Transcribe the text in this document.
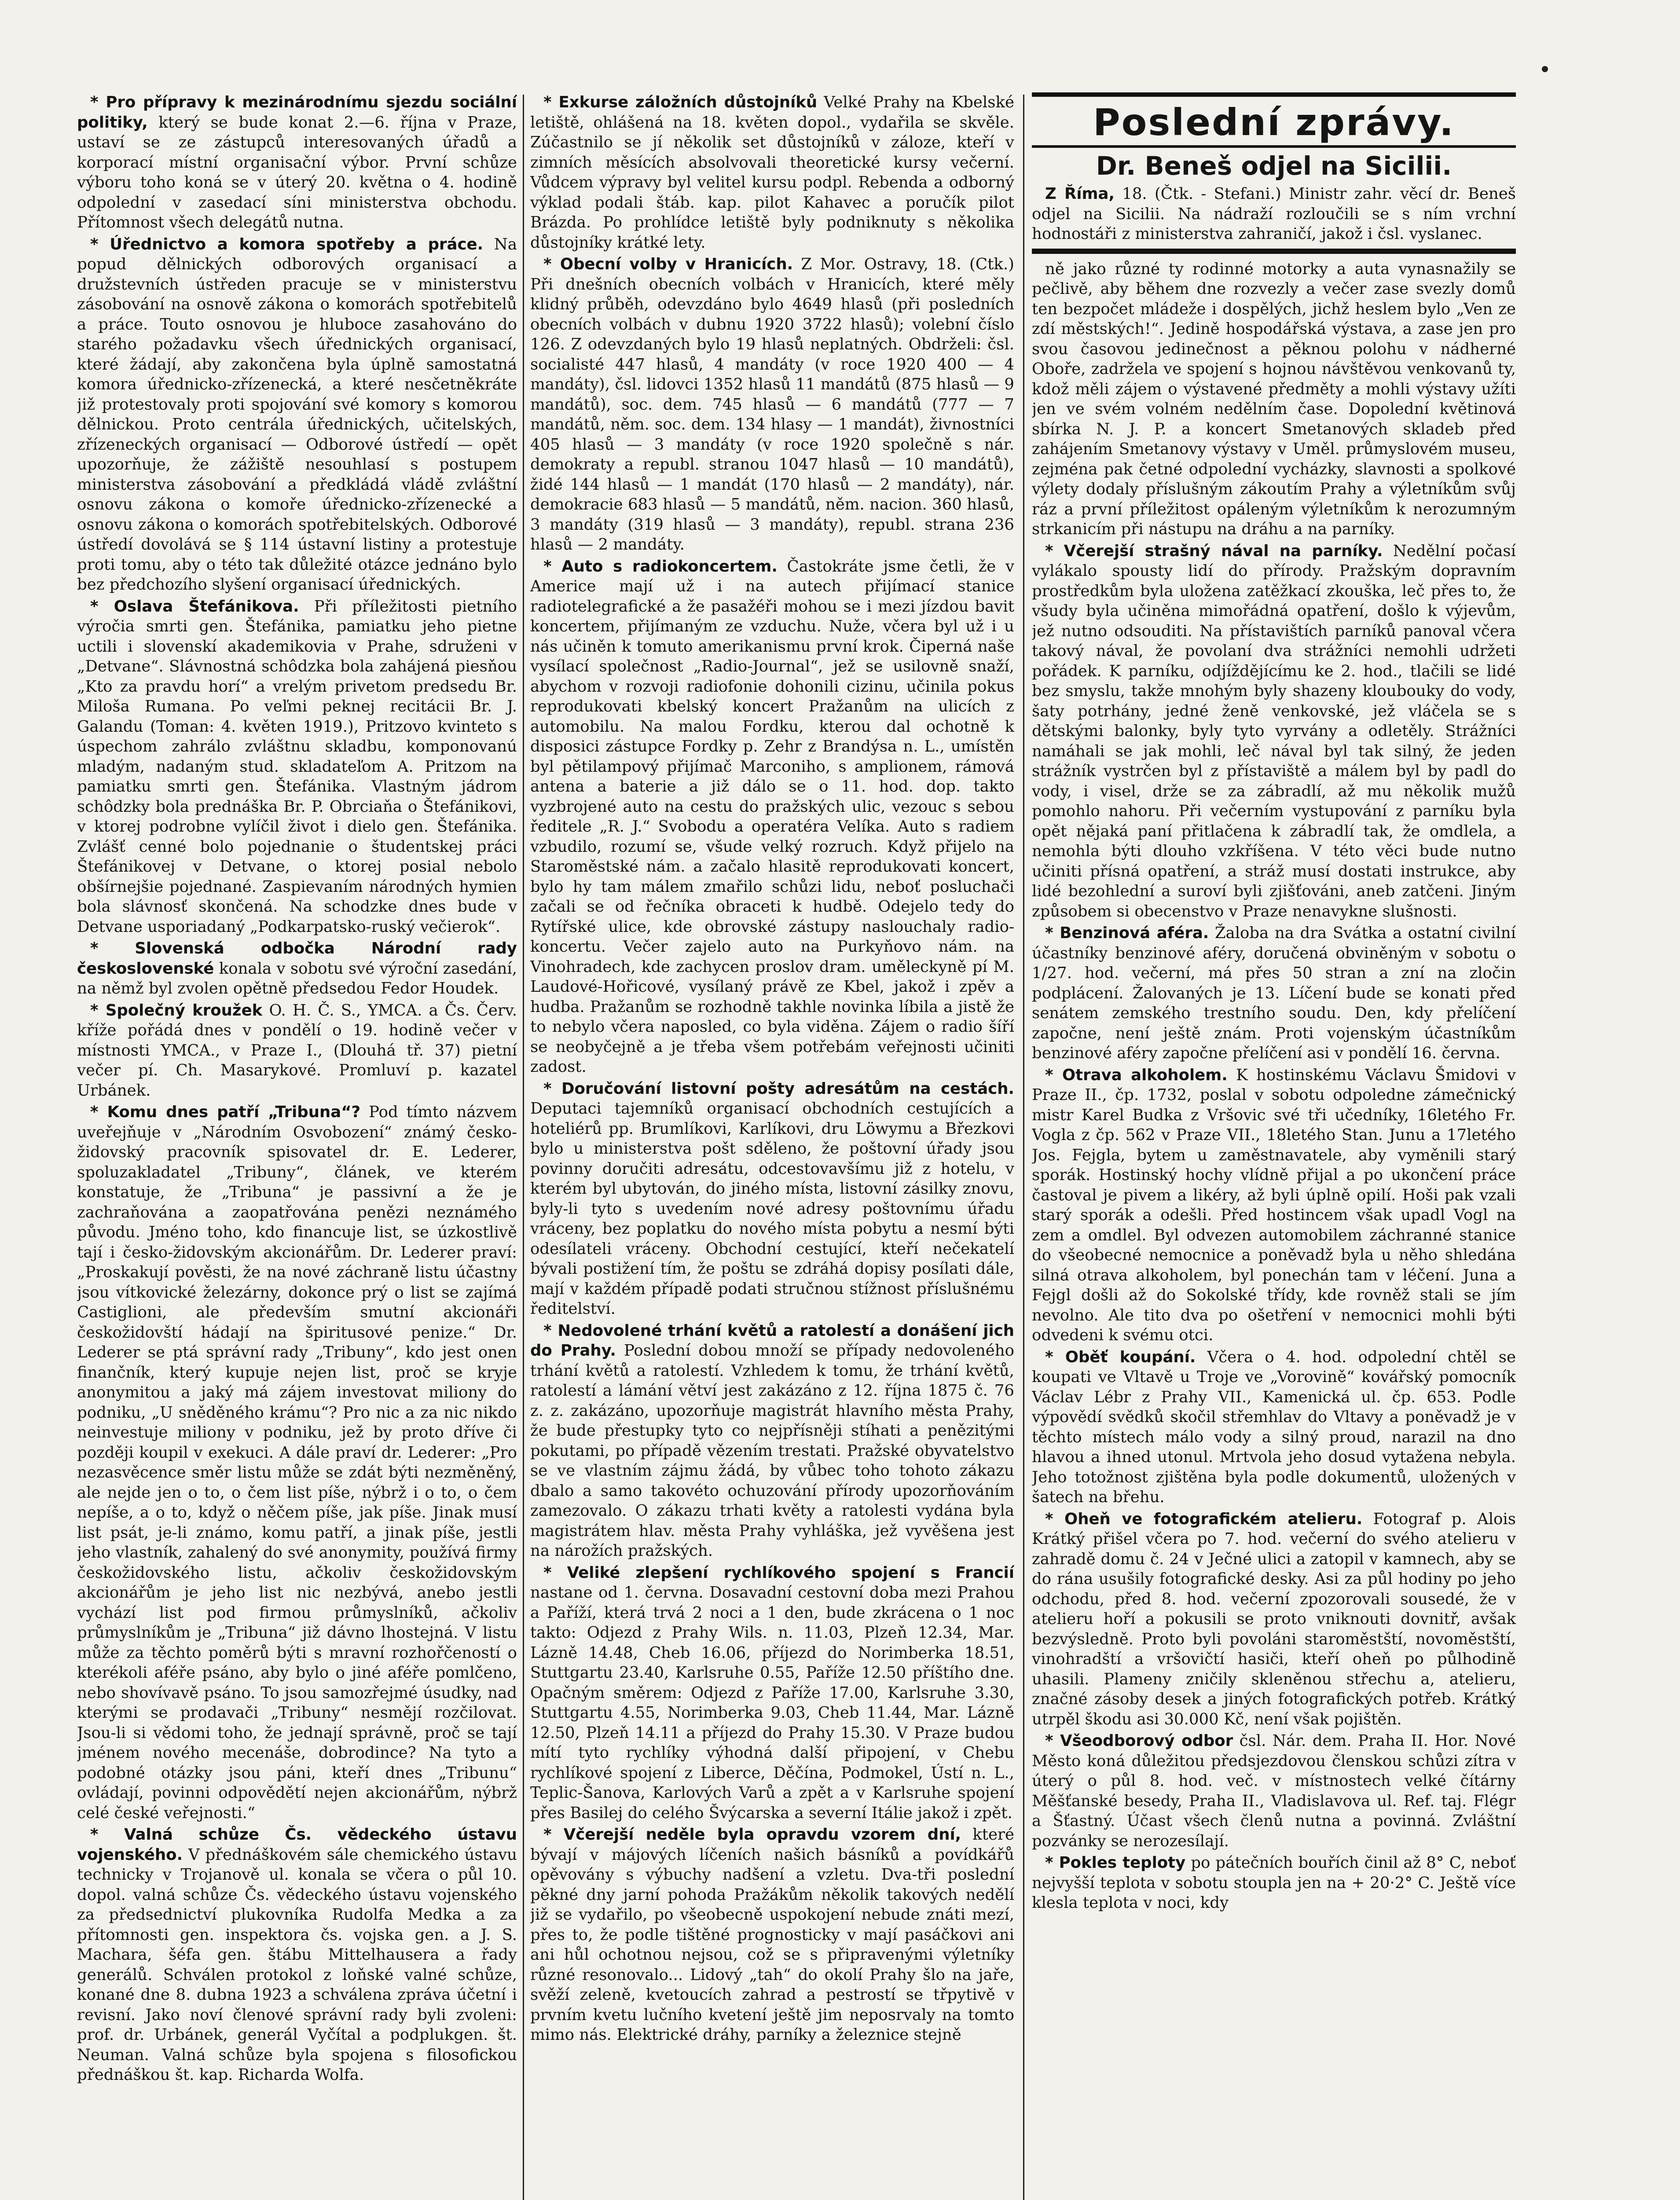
* Pro přípravy k mezinárodnímu sjezdu sociální politiky, který se bude konat 2.—6. října v Praze, ustaví se ze zástupců interesovaných úřadů a korporací místní organisační výbor. První schůze výboru toho koná se v úterý 20. května o 4. hodině odpolední v zasedací síni ministerstva obchodu. Přítomnost všech delegátů nutna.

* Úřednictvo a komora spotřeby a práce. Na popud dělnických odborových organisací a družstevních ústředen pracuje se v ministerstvu zásobování na osnově zákona o komorách spotřebitelů a práce. Touto osnovou je hluboce zasahováno do starého požadavku všech úřednických organisací, které žádají, aby zakončena byla úplně samostatná komora úřednicko-zřízenecká, a které nesčetněkráte již protestovaly proti spojování své komory s komorou dělnickou. Proto centrála úřednických, učitelských, zřízeneckých organisací — Odborové ústředí — opět upozorňuje, že zážiště nesouhlasí s postupem ministerstva zásobování a předkládá vládě zvláštní osnovu zákona o komoře úřednicko-zřízenecké a osnovu zákona o komorách spotřebitelských. Odborové ústředí dovolává se § 114 ústavní listiny a protestuje proti tomu, aby o této tak důležité otázce jednáno bylo bez předchozího slyšení organisací úřednických.

* Oslava Štefánikova. Při příležitosti pietního výročia smrti gen. Štefánika, pamiatku jeho pietne uctili i slovenskí akademikovia v Prahe, sdruženi v „Detvane“. Slávnostná schôdzka bola zahájená piesňou „Kto za pravdu horí“ a vrelým privetom predsedu Br. Miloša Rumana. Po veľmi peknej recitácii Br. J. Galandu (Toman: 4. květen 1919.), Pritzovo kvinteto s úspechom zahrálo zvláštnu skladbu, komponovanú mladým, nadaným stud. skladateľom A. Pritzom na pamiatku smrti gen. Štefánika. Vlastným jádrom schôdzky bola prednáška Br. P. Obrciaňa o Štefánikovi, v ktorej podrobne vylíčil život i dielo gen. Štefánika. Zvlášť cenné bolo pojednanie o študentskej práci Štefánikovej v Detvane, o ktorej posial nebolo obšírnejšie pojednané. Zaspievaním národných hymien bola slávnosť skončená. Na schodzke dnes bude v Detvane usporiadaný „Podkarpatsko-ruský večierok“.

* Slovenská odbočka Národní rady československé konala v sobotu své výroční zasedání, na němž byl zvolen opětně předsedou Fedor Houdek.

* Společný kroužek O. H. Č. S., YMCA. a Čs. Červ. kříže pořádá dnes v pondělí o 19. hodině večer v místnosti YMCA., v Praze I., (Dlouhá tř. 37) pietní večer pí. Ch. Masarykové. Promluví p. kazatel Urbánek.

* Komu dnes patří „Tribuna“? Pod tímto názvem uveřejňuje v „Národním Osvobození“ známý česko-židovský pracovník spisovatel dr. E. Lederer, spoluzakladatel „Tribuny“, článek, ve kterém konstatuje, že „Tribuna“ je passivní a že je zachraňována a zaopatřována penězi neznámého původu. Jméno toho, kdo financuje list, se úzkostlivě tají i česko-židovským akcionářům. Dr. Lederer praví: „Proskakují pověsti, že na nové záchraně listu účastny jsou vítkovické železárny, dokonce prý o list se zajímá Castiglioni, ale především smutní akcionáři českožidovští hádají na špiritusové penize.“ Dr. Lederer se ptá správní rady „Tribuny“, kdo jest onen finančník, který kupuje nejen list, proč se kryje anonymitou a jaký má zájem investovat miliony do podniku, „U sněděného krámu“? Pro nic a za nic nikdo neinvestuje miliony v podniku, jež by proto dříve či později koupil v exekuci. A dále praví dr. Lederer: „Pro nezasvěcence směr listu může se zdát býti nezměněný, ale nejde jen o to, o čem list píše, nýbrž i o to, o čem nepíše, a o to, když o něčem píše, jak píše. Jinak musí list psát, je-li známo, komu patří, a jinak píše, jestli jeho vlastník, zahalený do své anonymity, používá firmy českožidovského listu, ačkoliv českožidovským akcionářům je jeho list nic nezbývá, anebo jestli vychází list pod firmou průmyslníků, ačkoliv průmyslníkům je „Tribuna“ již dávno lhostejná. V listu může za těchto poměrů býti s mravní rozhořčeností o kterékoli aféře psáno, aby bylo o jiné aféře pomlčeno, nebo shovívavě psáno. To jsou samozřejmé úsudky, nad kterými se prodavači „Tribuny“ nesmějí rozčilovat. Jsou-li si vědomi toho, že jednají správně, proč se tají jménem nového mecenáše, dobrodince? Na tyto a podobné otázky jsou páni, kteří dnes „Tribunu“ ovládají, povinni odpovědětí nejen akcionářům, nýbrž celé české veřejnosti.“

* Valná schůze Čs. vědeckého ústavu vojenského. V přednáškovém sále chemického ústavu technicky v Trojanově ul. konala se včera o půl 10. dopol. valná schůze Čs. vědeckého ústavu vojenského za předsednictví plukovníka Rudolfa Medka a za přítomnosti gen. inspektora čs. vojska gen. a J. S. Machara, šéfa gen. štábu Mittelhausera a řady generálů. Schválen protokol z loňské valné schůze, konané dne 8. dubna 1923 a schválena zpráva účetní i revisní. Jako noví členové správní rady byli zvoleni: prof. dr. Urbánek, generál Vyčítal a podplukgen. št. Neuman. Valná schůze byla spojena s filosofickou přednáškou št. kap. Richarda Wolfa.

* Exkurse záložních důstojníků Velké Prahy na Kbelské letiště, ohlášená na 18. květen dopol., vydařila se skvěle. Zúčastnilo se jí několik set důstojníků v záloze, kteří v zimních měsících absolvovali theoretické kursy večerní. Vůdcem výpravy byl velitel kursu podpl. Rebenda a odborný výklad podali štáb. kap. pilot Kahavec a poručík pilot Brázda. Po prohlídce letiště byly podniknuty s několika důstojníky krátké lety.

* Obecní volby v Hranicích. Z Mor. Ostravy, 18. (Ctk.) Při dnešních obecních volbách v Hranicích, které měly klidný průběh, odevzdáno bylo 4649 hlasů (při posledních obecních volbách v dubnu 1920 3722 hlasů); volební číslo 126. Z odevzdaných bylo 19 hlasů neplatných. Obdrželi: čsl. socialisté 447 hlasů, 4 mandáty (v roce 1920 400 — 4 mandáty), čsl. lidovci 1352 hlasů 11 mandátů (875 hlasů — 9 mandátů), soc. dem. 745 hlasů — 6 mandátů (777 — 7 mandátů, něm. soc. dem. 134 hlasy — 1 mandát), živnostníci 405 hlasů — 3 mandáty (v roce 1920 společně s nár. demokraty a republ. stranou 1047 hlasů — 10 mandátů), židé 144 hlasů — 1 mandát (170 hlasů — 2 mandáty), nár. demokracie 683 hlasů — 5 mandátů, něm. nacion. 360 hlasů, 3 mandáty (319 hlasů — 3 mandáty), republ. strana 236 hlasů — 2 mandáty.

* Auto s radiokoncertem. Častokráte jsme četli, že v Americe mají už i na autech přijímací stanice radiotelegrafické a že pasažéři mohou se i mezi jízdou bavit koncertem, přijímaným ze vzduchu. Nuže, včera byl už i u nás učiněn k tomuto amerikanismu první krok. Čiperná naše vysílací společnost „Radio-Journal“, jež se usilovně snaží, abychom v rozvoji radiofonie dohonili cizinu, učinila pokus reprodukovati kbelský koncert Pražanům na ulicích z automobilu. Na malou Fordku, kterou dal ochotně k disposici zástupce Fordky p. Zehr z Brandýsa n. L., umístěn byl pětilampový přijímač Marconiho, s amplionem, rámová antena a baterie a již dálo se o 11. hod. dop. takto vyzbrojené auto na cestu do pražských ulic, vezouc s sebou ředitele „R. J.“ Svobodu a operatéra Velíka. Auto s radiem vzbudilo, rozumí se, všude velký rozruch. Když přijelo na Staroměstské nám. a začalo hlasitě reprodukovati koncert, bylo hy tam málem zmařilo schůzi lidu, neboť posluchači začali se od řečníka obraceti k hudbě. Odejelo tedy do Rytířské ulice, kde obrovské zástupy naslouchaly radio-koncertu. Večer zajelo auto na Purkyňovo nám. na Vinohradech, kde zachycen proslov dram. uměleckyně pí M. Laudové-Hořicové, vysílaný právě ze Kbel, jakož i zpěv a hudba. Pražanům se rozhodně takhle novinka líbila a jistě že to nebylo včera naposled, co byla viděna. Zájem o radio šíří se neobyčejně a je třeba všem potřebám veřejnosti učiniti zadost.

* Doručování listovní pošty adresátům na cestách. Deputaci tajemníků organisací obchodních cestujících a hoteliérů pp. Brumlíkovi, Karlíkovi, dru Löwymu a Březkovi bylo u ministerstva pošt sděleno, že poštovní úřady jsou povinny doručiti adresátu, odcestovavšímu již z hotelu, v kterém byl ubytován, do jiného místa, listovní zásilky znovu, byly-li tyto s uvedením nové adresy poštovnímu úřadu vráceny, bez poplatku do nového místa pobytu a nesmí býti odesílateli vráceny. Obchodní cestující, kteří nečekatelí bývali postižení tím, že poštu se zdráhá dopisy posílati dále, mají v každém případě podati stručnou stížnost příslušnému ředitelství.

* Nedovolené trhání květů a ratolestí a donášení jich do Prahy. Poslední dobou množí se případy nedovoleného trhání květů a ratolestí. Vzhledem k tomu, že trhání květů, ratolestí a lámání větví jest zakázáno z 12. října 1875 č. 76 z. z. zakázáno, upozorňuje magistrát hlavního města Prahy, že bude přestupky tyto co nejpřísněji stíhati a penězitými pokutami, po případě vězením trestati. Pražské obyvatelstvo se ve vlastním zájmu žádá, by vůbec toho tohoto zákazu dbalo a samo takovéto ochuzování přírody upozorňováním zamezovalo. O zákazu trhati květy a ratolesti vydána byla magistrátem hlav. města Prahy vyhláška, jež vyvěšena jest na nárožích pražských.

* Veliké zlepšení rychlíkového spojení s Francií nastane od 1. června. Dosavadní cestovní doba mezi Prahou a Paříží, která trvá 2 noci a 1 den, bude zkrácena o 1 noc takto: Odjezd z Prahy Wils. n. 11.03, Plzeň 12.34, Mar. Lázně 14.48, Cheb 16.06, příjezd do Norimberka 18.51, Stuttgartu 23.40, Karlsruhe 0.55, Paříže 12.50 příštího dne. Opačným směrem: Odjezd z Paříže 17.00, Karlsruhe 3.30, Stuttgartu 4.55, Norimberka 9.03, Cheb 11.44, Mar. Lázně 12.50, Plzeň 14.11 a příjezd do Prahy 15.30. V Praze budou mítí tyto rychlíky výhodná další připojení, v Chebu rychlíkové spojení z Liberce, Děčína, Podmokel, Ústí n. L., Teplic-Šanova, Karlových Varů a zpět a v Karlsruhe spojení přes Basilej do celého Švýcarska a severní Itálie jakož i zpět.

* Včerejší neděle byla opravdu vzorem dní, které bývají v májových líčeních našich básníků a povídkářů opěvovány s výbuchy nadšení a vzletu. Dva-tři poslední pěkné dny jarní pohoda Pražákům několik takových nedělí již se vydařilo, po všeobecně uspokojení nebude znáti mezí, přes to, že podle tištěné prognosticky v mají pasáčkovi ani ani hůl ochotnou nejsou, což se s připravenými výletníky různé resonovalo... Lidový „tah“ do okolí Prahy šlo na jaře, svěží zeleně, kvetoucích zahrad a pestrostí se třpytivě v prvním kvetu lučního kvetení ještě jim neposrvaly na tomto mimo nás. Elektrické dráhy, parníky a železnice stejně

Poslední zprávy.
Dr. Beneš odjel na Sicilii.

Z Říma, 18. (Čtk. - Stefani.) Ministr zahr. věcí dr. Beneš odjel na Sicilii. Na nádraží rozloučili se s ním vrchní hodnostáři z ministerstva zahraničí, jakož i čsl. vyslanec.

ně jako různé ty rodinné motorky a auta vynasnažily se pečlivě, aby během dne rozvezly a večer zase svezly domů ten bezpočet mládeže i dospělých, jichž heslem bylo „Ven ze zdí městských!“. Jedině hospodářská výstava, a zase jen pro svou časovou jedinečnost a pěknou polohu v nádherné Oboře, zadržela ve spojení s hojnou návštěvou venkovanů ty, kdož měli zájem o výstavené předměty a mohli výstavy užíti jen ve svém volném nedělním čase. Dopolední květinová sbírka N. J. P. a koncert Smetanových skladeb před zahájením Smetanovy výstavy v Uměl. průmyslovém museu, zejména pak četné odpolední vycházky, slavnosti a spolkové výlety dodaly příslušným zákoutím Prahy a výletníkům svůj ráz a první příležitost opáleným výletníkům k nerozumným strkanicím při nástupu na dráhu a na parníky.

* Včerejší strašný nával na parníky. Nedělní počasí vylákalo spousty lidí do přírody. Pražským dopravním prostředkům byla uložena zatěžkací zkouška, leč přes to, že všudy byla učiněna mimořádná opatření, došlo k výjevům, jež nutno odsouditi. Na přístavištích parníků panoval včera takový nával, že povolaní dva strážníci nemohli udržeti pořádek. K parníku, odjíždějícímu ke 2. hod., tlačili se lidé bez smyslu, takže mnohým byly shazeny kloubouky do vody, šaty potrhány, jedné ženě venkovské, jež vláčela se s dětskými balonky, byly tyto vyrvány a odletěly. Strážníci namáhali se jak mohli, leč nával byl tak silný, že jeden strážník vystrčen byl z přístaviště a málem byl by padl do vody, i visel, drže se za zábradlí, až mu několik mužů pomohlo nahoru. Při večerním vystupování z parníku byla opět nějaká paní přitlačena k zábradlí tak, že omdlela, a nemohla býti dlouho vzkříšena. V této věci bude nutno učiniti přísná opatření, a stráž musí dostati instrukce, aby lidé bezohlední a suroví byli zjišťováni, aneb zatčeni. Jiným způsobem si obecenstvo v Praze nenavykne slušnosti.

* Benzinová aféra. Žaloba na dra Svátka a ostatní civilní účastníky benzinové aféry, doručená obviněným v sobotu o 1/27. hod. večerní, má přes 50 stran a zní na zločin podplácení. Žalovaných je 13. Líčení bude se konati před senátem zemského trestního soudu. Den, kdy přelíčení započne, není ještě znám. Proti vojenským účastníkům benzinové aféry započne přelíčení asi v pondělí 16. června.

* Otrava alkoholem. K hostinskému Václavu Šmidovi v Praze II., čp. 1732, poslal v sobotu odpoledne zámečnický mistr Karel Budka z Vršovic své tři učedníky, 16letého Fr. Voglа z čp. 562 v Praze VII., 18letého Stan. Junu a 17letého Jos. Fejgla, bytem u zaměstnavatele, aby vyměnili starý sporák. Hostinský hochy vlídně přijal a po ukončení práce častoval je pivem a likéry, až byli úplně opilí. Hoši pak vzali starý sporák a odešli. Před hostincem však upadl Vogl na zem a omdlel. Byl odvezen automobilem záchranné stanice do všeobecné nemocnice a poněvadž byla u něho shledána silná otrava alkoholem, byl ponechán tam v léčení. Juna a Fejgl došli až do Sokolské třídy, kde rovněž stali se jím nevolno. Ale tito dva po ošetření v nemocnici mohli býti odvedeni k svému otci.

* Oběť koupání. Včera o 4. hod. odpolední chtěl se koupati ve Vltavě u Troje ve „Vorovině“ kovářský pomocník Václav Lébr z Prahy VII., Kamenická ul. čp. 653. Podle výpovědí svědků skočil střemhlav do Vltavy a poněvadž je v těchto místech málo vody a silný proud, narazil na dno hlavou a ihned utonul. Mrtvola jeho dosud vytažena nebyla. Jeho totožnost zjištěna byla podle dokumentů, uložených v šatech na břehu.

* Oheň ve fotografickém atelieru. Fotograf p. Alois Krátký přišel včera po 7. hod. večerní do svého atelieru v zahradě domu č. 24 v Ječné ulici a zatopil v kamnech, aby se do rána usušily fotografické desky. Asi za půl hodiny po jeho odchodu, před 8. hod. večerní zpozorovali sousedé, že v atelieru hoří a pokusili se proto vniknouti dovnitř, avšak bezvýsledně. Proto byli povoláni staroměstští, novoměstští, vinohradští a vršovičtí hasiči, kteří oheň po půlhodině uhasili. Plameny zničily skleněnou střechu a, atelieru, značné zásoby desek a jiných fotografických potřeb. Krátký utrpěl škodu asi 30.000 Kč, není však pojištěn.

* Všeodborový odbor čsl. Nár. dem. Praha II. Hor. Nové Město koná důležitou předsjezdovou členskou schůzi zítra v úterý o půl 8. hod. več. v místnostech velké čítárny Měšťanské besedy, Praha II., Vladislavova ul. Ref. taj. Flégr a Šťastný. Účast všech členů nutna a povinná. Zvláštní pozvánky se nerozesílají.

* Pokles teploty po pátečních bouřích činil až 8° C, neboť nejvyšší teplota v sobotu stoupla jen na + 20·2° C. Ještě více klesla teplota v noci, kdy
